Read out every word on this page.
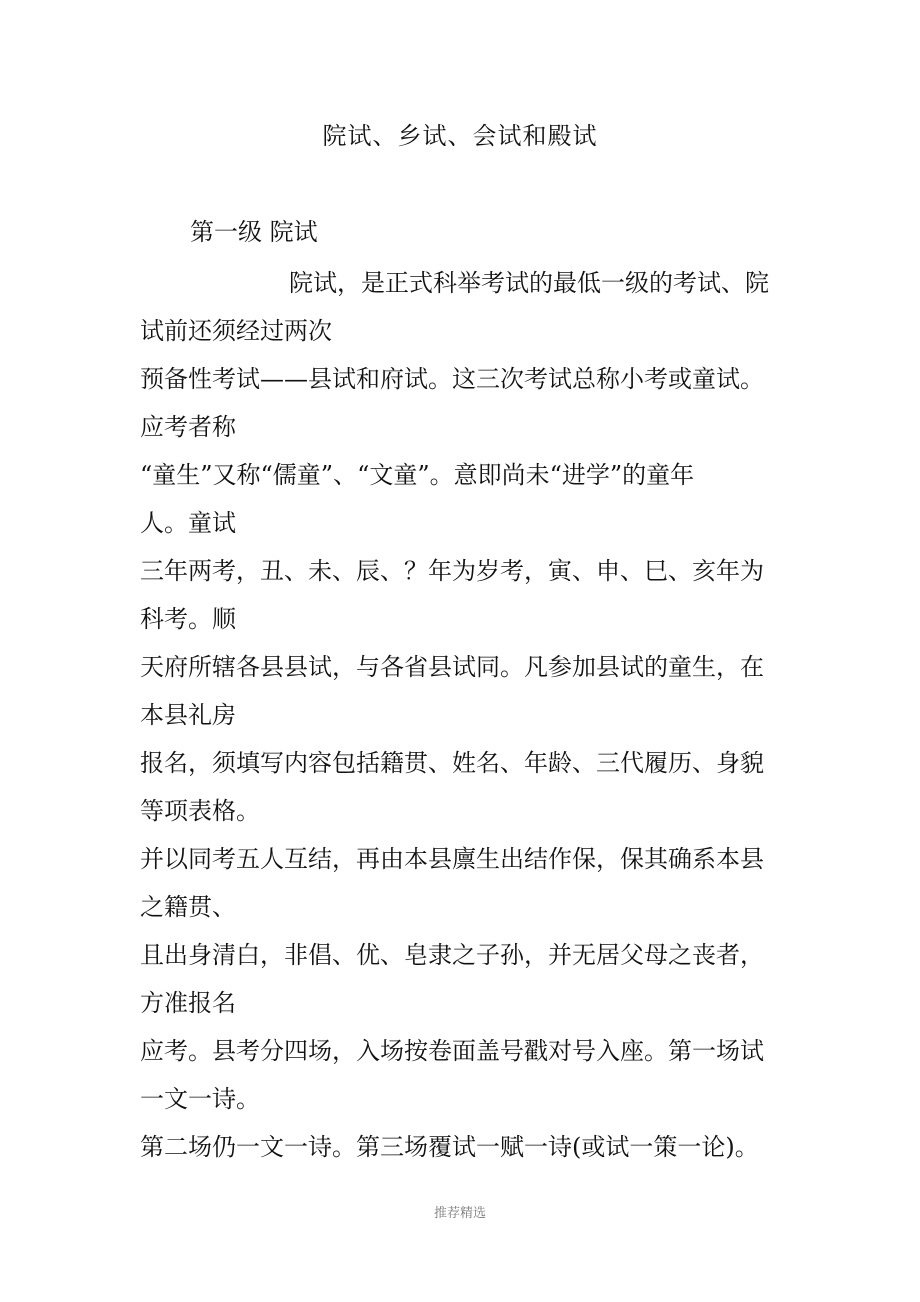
院试、乡试、会试和殿试
第一级 院试
院试，是正式科举考试的最低一级的考试、院
试前还须经过两次
预备性考试——县试和府试。这三次考试总称小考或童试。
应考者称
“童生”又称“儒童”、“文童”。意即尚未“进学”的童年
人。童试
三年两考，丑、未、辰、？年为岁考，寅、申、巳、亥年为
科考。顺
天府所辖各县县试，与各省县试同。凡参加县试的童生，在
本县礼房
报名，须填写内容包括籍贯、姓名、年龄、三代履历、身貌
等项表格。
并以同考五人互结，再由本县廪生出结作保，保其确系本县
之籍贯、
且出身清白，非倡、优、皂隶之子孙，并无居父母之丧者，
方准报名
应考。县考分四场，入场按卷面盖号戳对号入座。第一场试
一文一诗。
第二场仍一文一诗。第三场覆试一赋一诗(或试一策一论)。
推荐精选
